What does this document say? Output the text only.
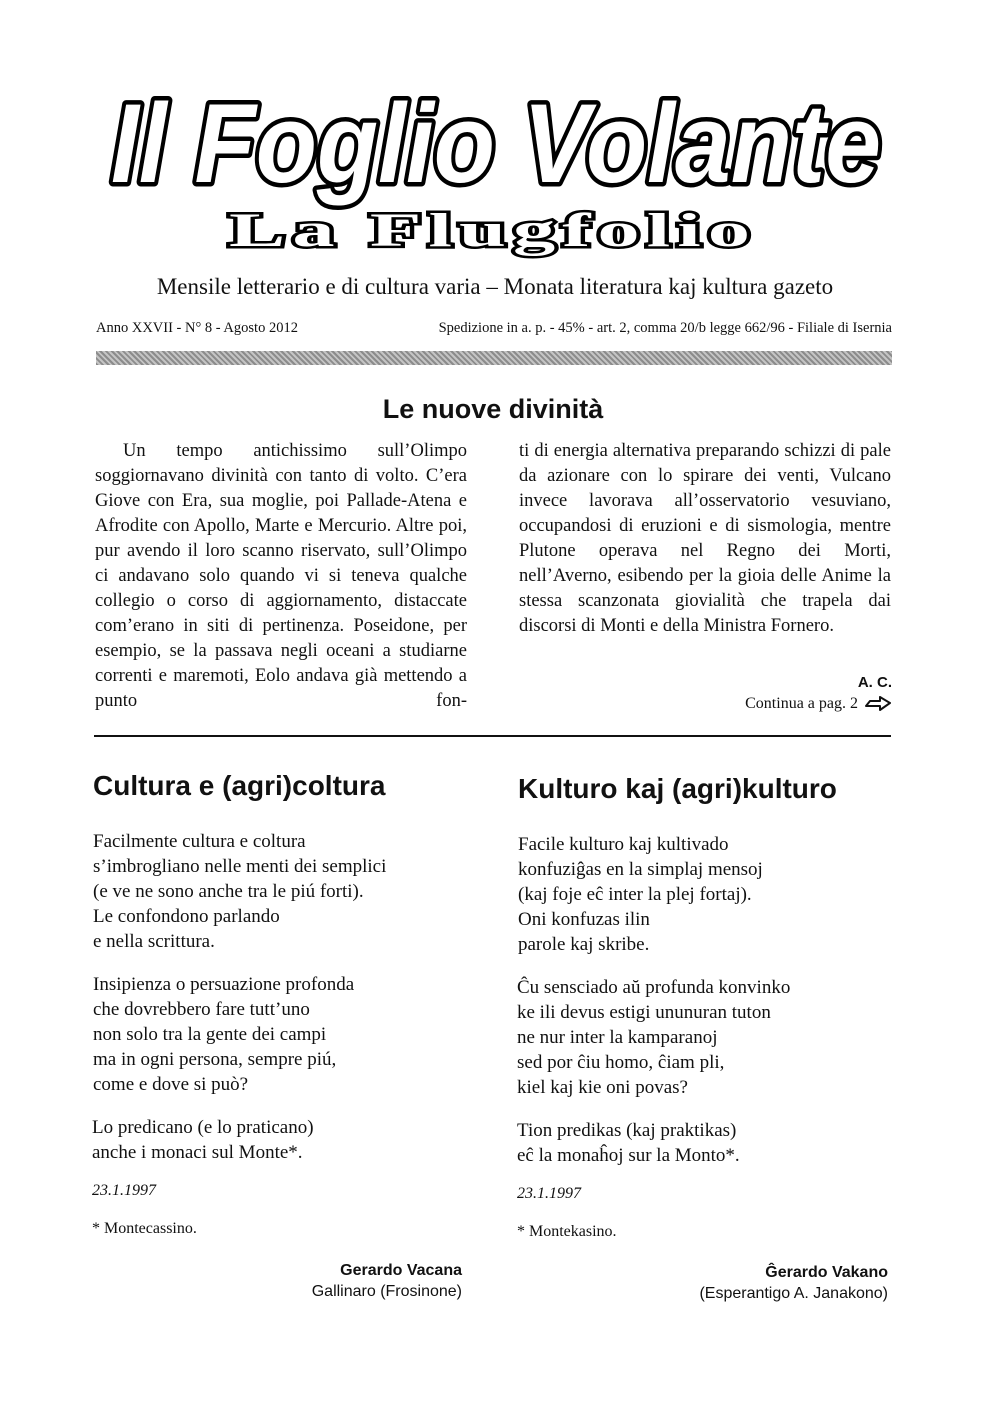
Il Foglio Volante
La Flugfolio
Mensile letterario e di cultura varia – Monata literatura kaj kultura gazeto
Anno XXVII - N° 8 - Agosto 2012	Spedizione in a. p. - 45% - art. 2, comma 20/b legge 662/96 - Filiale di Isernia
Le nuove divinità
Un tempo antichissimo sull’Olimpo soggiornavano divinità con tanto di volto. C’era Giove con Era, sua moglie, poi Pallade-Atena e Afrodite con Apollo, Marte e Mercurio. Altre poi, pur avendo il loro scanno riservato, sull’Olimpo ci andavano solo quando vi si teneva qualche collegio o corso di aggiornamento, distaccate com’erano in siti di pertinenza. Poseidone, per esempio, se la passava negli oceani a studiarne correnti e maremoti, Eolo andava già mettendo a punto fon-
ti di energia alternativa preparando schizzi di pale da azionare con lo spirare dei venti, Vulcano invece lavorava all’osservatorio vesuviano, occupandosi di eruzioni e di sismologia, mentre Plutone operava nel Regno dei Morti, nell’Averno, esibendo per la gioia delle Anime la stessa scanzonata giovialità che trapela dai discorsi di Monti e della Ministra Fornero.
A. C.
Continua a pag. 2
Cultura e (agri)coltura
Facilmente cultura e coltura
s’imbrogliano nelle menti dei semplici
(e ve ne sono anche tra le piú forti).
Le confondono parlando
e nella scrittura.
Insipienza o persuazione profonda
che dovrebbero fare tutt’uno
non solo tra la gente dei campi
ma in ogni persona, sempre piú,
come e dove si può?
Lo predicano (e lo praticano)
anche i monaci sul Monte*.
23.1.1997
* Montecassino.
Gerardo Vacana
Gallinaro (Frosinone)
Kulturo kaj (agri)kulturo
Facile kulturo kaj kultivado
konfuziĝas en la simplaj mensoj
(kaj foje eĉ inter la plej fortaj).
Oni konfuzas ilin
parole kaj skribe.
Ĉu sensciado aŭ profunda konvinko
ke ili devus estigi ununuran tuton
ne nur inter la kamparanoj
sed por ĉiu homo, ĉiam pli,
kiel kaj kie oni povas?
Tion predikas (kaj praktikas)
eĉ la monaĥoj sur la Monto*.
23.1.1997
* Montekasino.
Ĝerardo Vakano
(Esperantigo A. Janakono)
